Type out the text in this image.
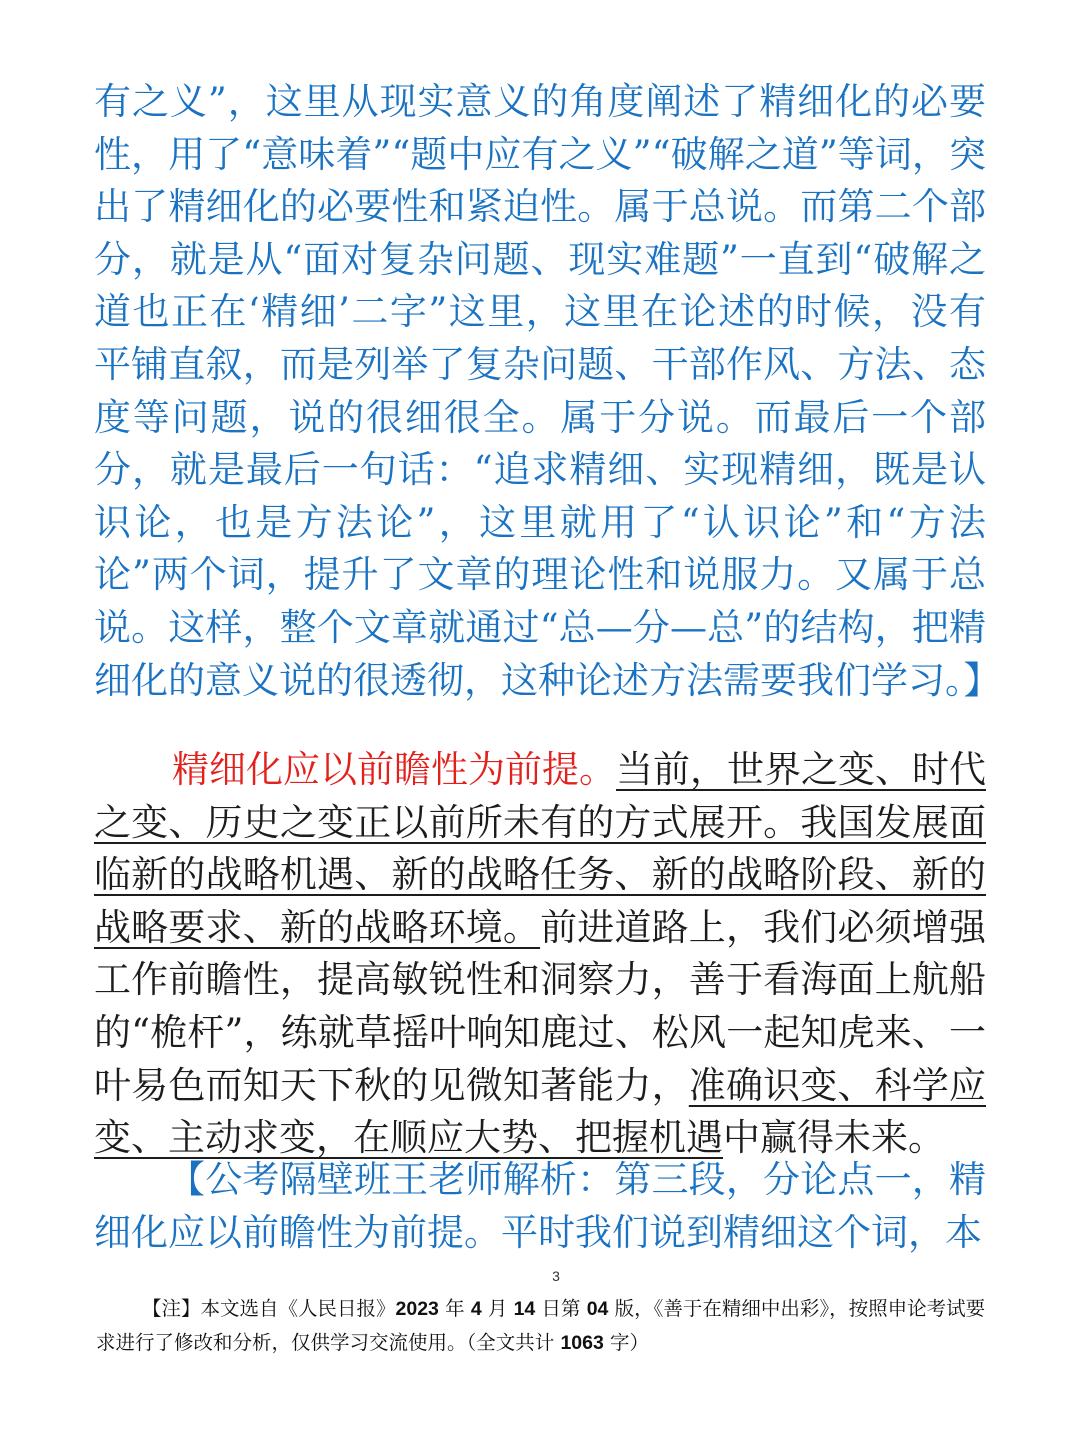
有之义”，这里从现实意义的角度阐述了精细化的必要性，用了“意味着”“题中应有之义”“破解之道”等词，突出了精细化的必要性和紧迫性。属于总说。而第二个部分，就是从“面对复杂问题、现实难题”一直到“破解之道也正在‘精细’二字”这里，这里在论述的时候，没有平铺直叙，而是列举了复杂问题、干部作风、方法、态度等问题，说的很细很全。属于分说。而最后一个部分，就是最后一句话：“追求精细、实现精细，既是认识论，也是方法论”，这里就用了“认识论”和“方法论”两个词，提升了文章的理论性和说服力。又属于总说。这样，整个文章就通过“总—分—总”的结构，把精细化的意义说的很透彻，这种论述方法需要我们学习。】

精细化应以前瞻性为前提。当前，世界之变、时代之变、历史之变正以前所未有的方式展开。我国发展面临新的战略机遇、新的战略任务、新的战略阶段、新的战略要求、新的战略环境。前进道路上，我们必须增强工作前瞻性，提高敏锐性和洞察力，善于看海面上航船的“桅杆”，练就草摇叶响知鹿过、松风一起知虎来、一叶易色而知天下秋的见微知著能力，准确识变、科学应变、主动求变，在顺应大势、把握机遇中赢得未来。

【公考隔壁班王老师解析：第三段，分论点一，精细化应以前瞻性为前提。平时我们说到精细这个词，本

3

【注】本文选自《人民日报》2023 年 4 月 14 日第 04 版，《善于在精细中出彩》，按照申论考试要求进行了修改和分析，仅供学习交流使用。（全文共计 1063 字）
